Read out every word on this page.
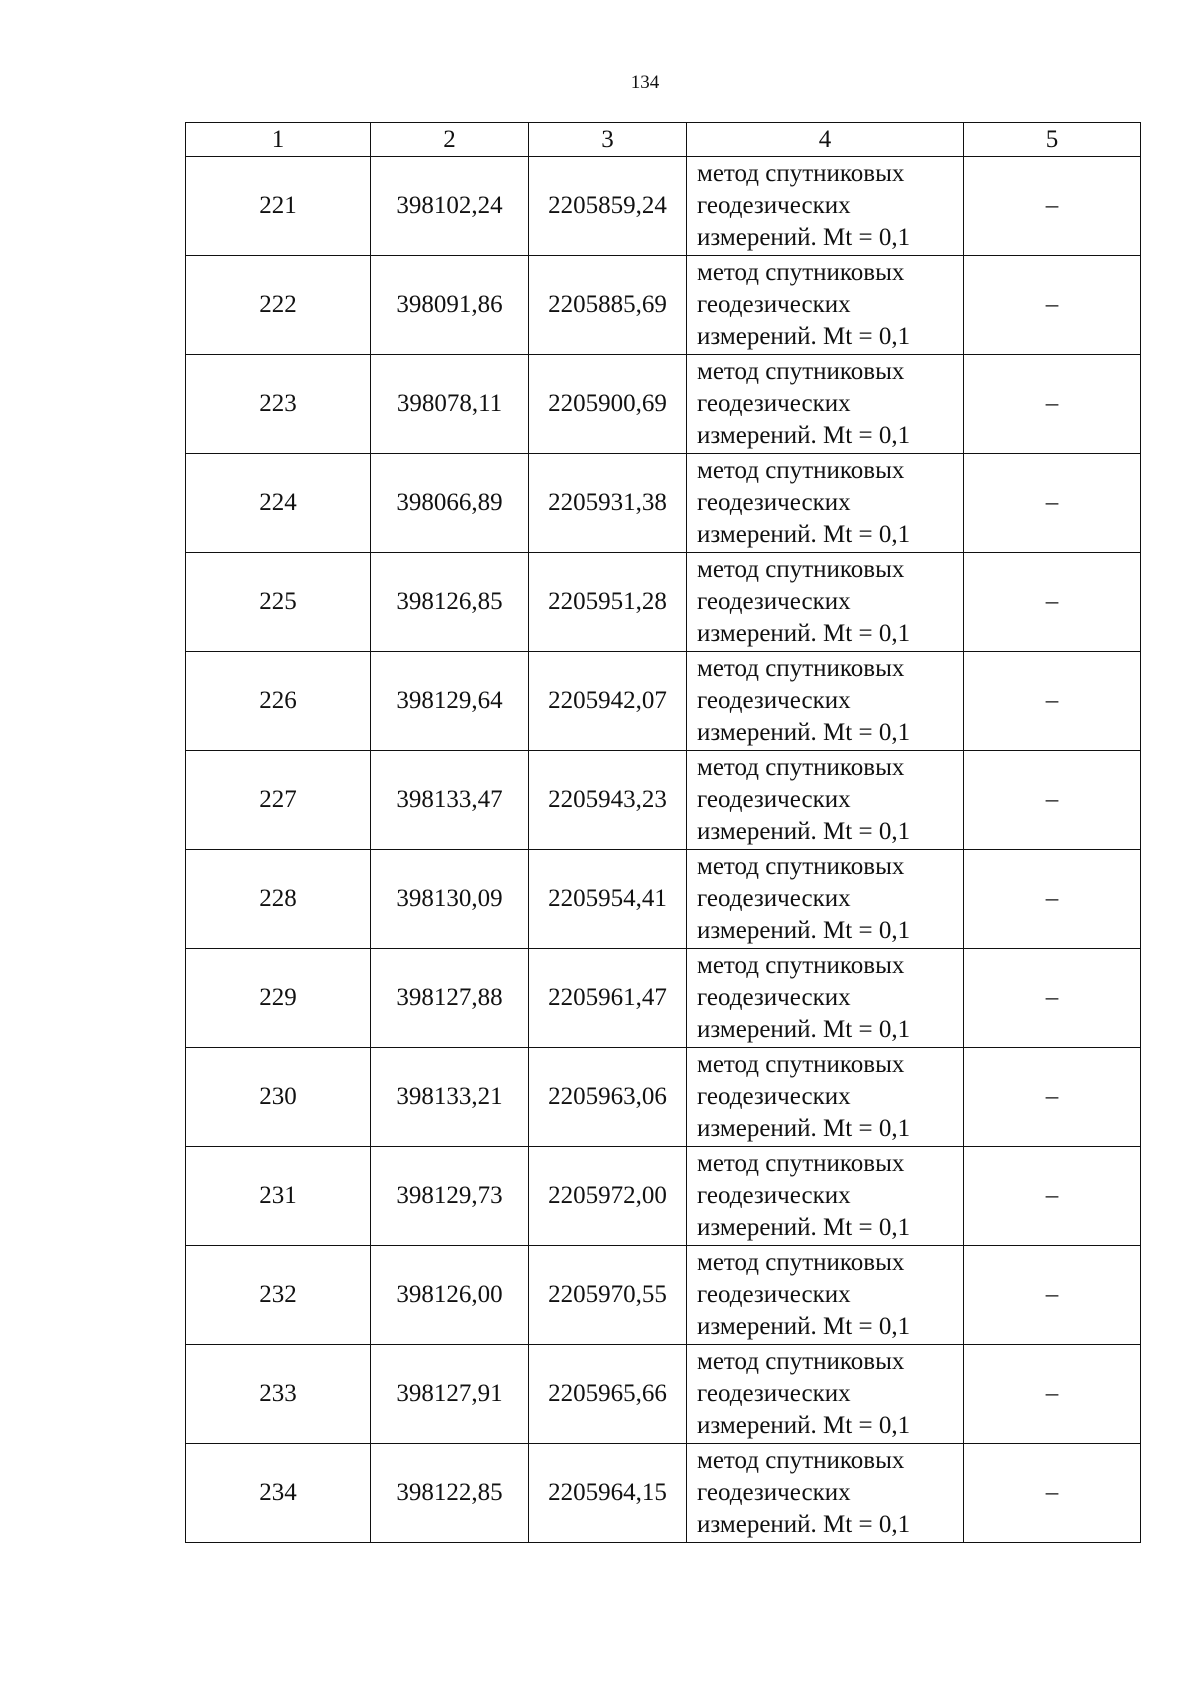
134
1	2	3	4	5
221	398102,24	2205859,24	метод спутниковых
геодезических
измерений. Mt = 0,1	–
222	398091,86	2205885,69	метод спутниковых
геодезических
измерений. Mt = 0,1	–
223	398078,11	2205900,69	метод спутниковых
геодезических
измерений. Mt = 0,1	–
224	398066,89	2205931,38	метод спутниковых
геодезических
измерений. Mt = 0,1	–
225	398126,85	2205951,28	метод спутниковых
геодезических
измерений. Mt = 0,1	–
226	398129,64	2205942,07	метод спутниковых
геодезических
измерений. Mt = 0,1	–
227	398133,47	2205943,23	метод спутниковых
геодезических
измерений. Mt = 0,1	–
228	398130,09	2205954,41	метод спутниковых
геодезических
измерений. Mt = 0,1	–
229	398127,88	2205961,47	метод спутниковых
геодезических
измерений. Mt = 0,1	–
230	398133,21	2205963,06	метод спутниковых
геодезических
измерений. Mt = 0,1	–
231	398129,73	2205972,00	метод спутниковых
геодезических
измерений. Mt = 0,1	–
232	398126,00	2205970,55	метод спутниковых
геодезических
измерений. Mt = 0,1	–
233	398127,91	2205965,66	метод спутниковых
геодезических
измерений. Mt = 0,1	–
234	398122,85	2205964,15	метод спутниковых
геодезических
измерений. Mt = 0,1	–
